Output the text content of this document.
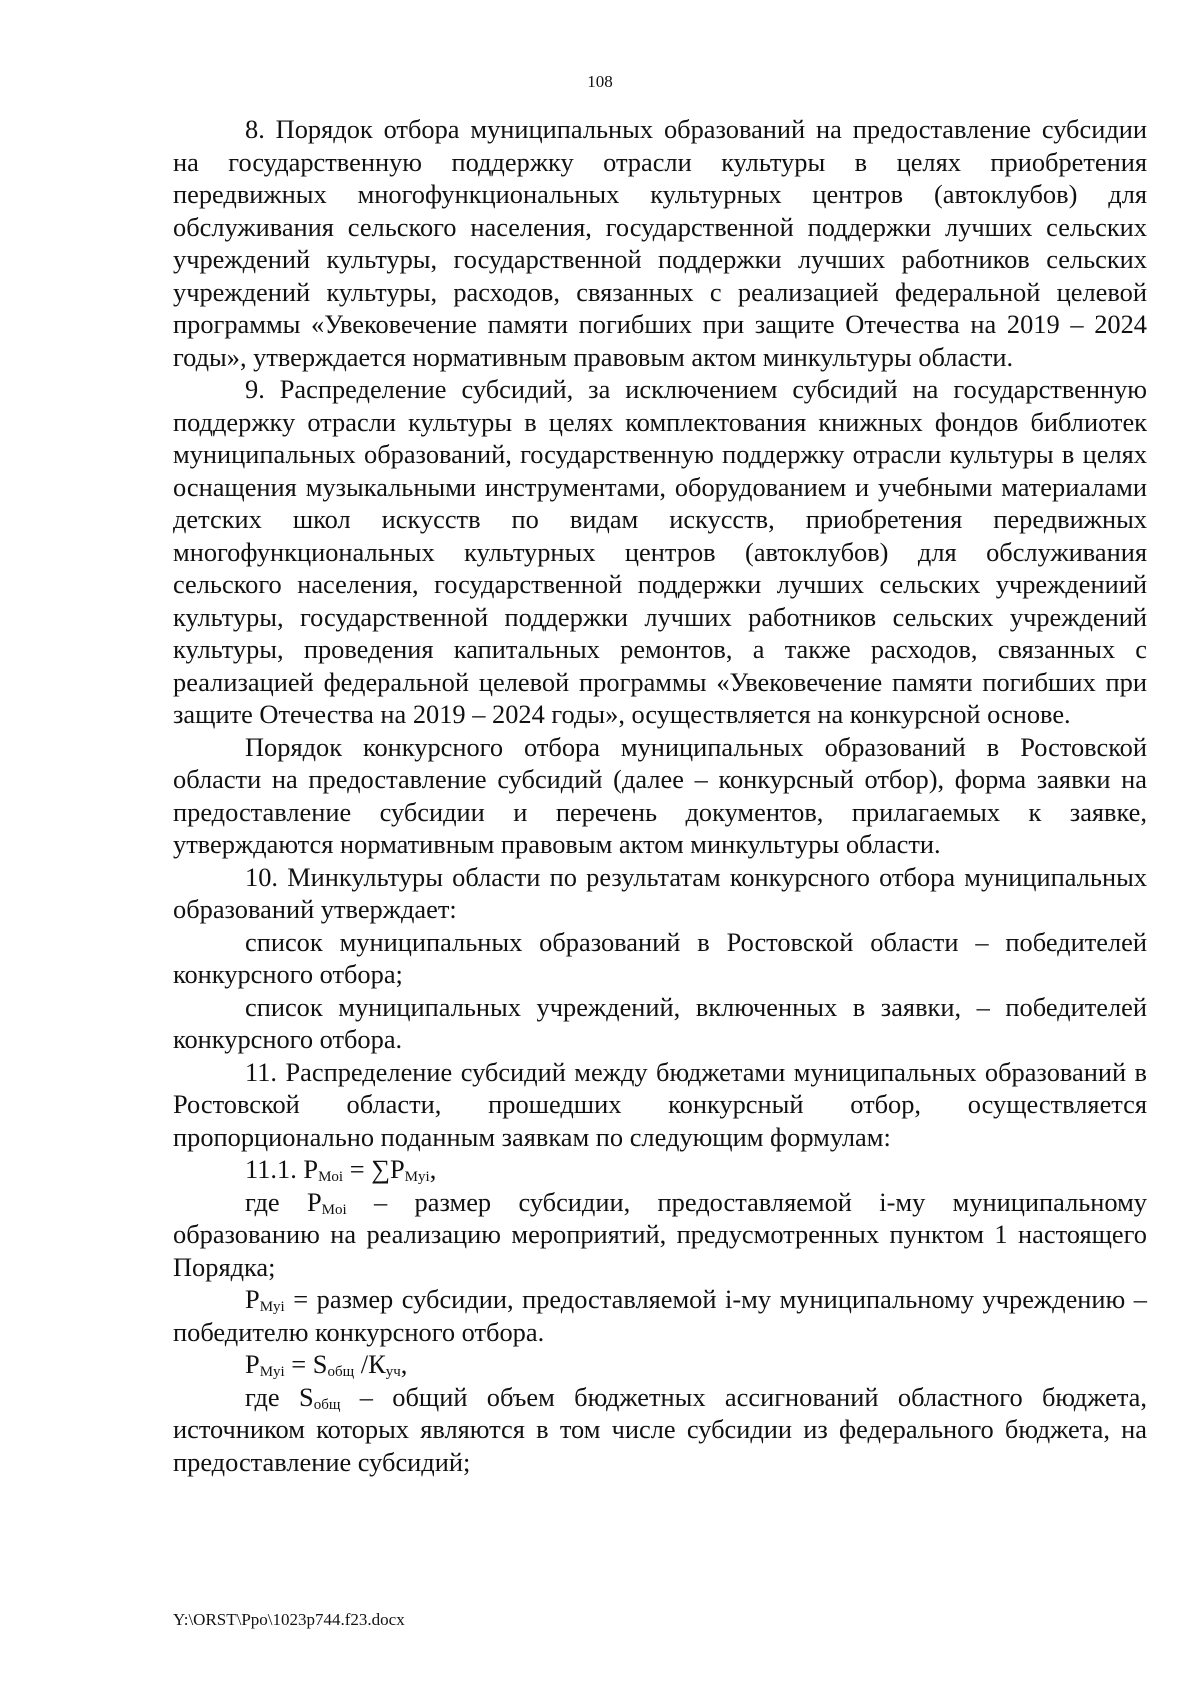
108

8. Порядок отбора муниципальных образований на предоставление субсидии на государственную поддержку отрасли культуры в целях приобретения передвижных многофункциональных культурных центров (автоклубов) для обслуживания сельского населения, государственной поддержки лучших сельских учреждений культуры, государственной поддержки лучших работников сельских учреждений культуры, расходов, связанных с реализацией федеральной целевой программы «Увековечение памяти погибших при защите Отечества на 2019 – 2024 годы», утверждается нормативным правовым актом минкультуры области.

9. Распределение субсидий, за исключением субсидий на государственную поддержку отрасли культуры в целях комплектования книжных фондов библиотек муниципальных образований, государственную поддержку отрасли культуры в целях оснащения музыкальными инструментами, оборудованием и учебными материалами детских школ искусств по видам искусств, приобретения передвижных многофункциональных культурных центров (автоклубов) для обслуживания сельского населения, государственной поддержки лучших сельских учреждениий культуры, государственной поддержки лучших работников сельских учреждений культуры, проведения капитальных ремонтов, а также расходов, связанных с реализацией федеральной целевой программы «Увековечение памяти погибших при защите Отечества на 2019 – 2024 годы», осуществляется на конкурсной основе.

Порядок конкурсного отбора муниципальных образований в Ростовской области на предоставление субсидий (далее – конкурсный отбор), форма заявки на предоставление субсидии и перечень документов, прилагаемых к заявке, утверждаются нормативным правовым актом минкультуры области.

10. Минкультуры области по результатам конкурсного отбора муниципальных образований утверждает:

список муниципальных образований в Ростовской области – победителей конкурсного отбора;

список муниципальных учреждений, включенных в заявки, – победителей конкурсного отбора.

11. Распределение субсидий между бюджетами муниципальных образований в Ростовской области, прошедших конкурсный отбор, осуществляется пропорционально поданным заявкам по следующим формулам:

11.1. $P_{Moi} = \sum P_{Myi}$,

где $P_{Moi}$ – размер субсидии, предоставляемой i-му муниципальному образованию на реализацию мероприятий, предусмотренных пунктом 1 настоящего Порядка;

$P_{Myi}$ = размер субсидии, предоставляемой i-му муниципальному учреждению – победителю конкурсного отбора.

$P_{Myi} = S_{общ}$ $/К_{уч}$,

где $S_{общ}$ – общий объем бюджетных ассигнований областного бюджета, источником которых являются в том числе субсидии из федерального бюджета, на предоставление субсидий;

Y:\ORST\Ppo\1023p744.f23.docx
